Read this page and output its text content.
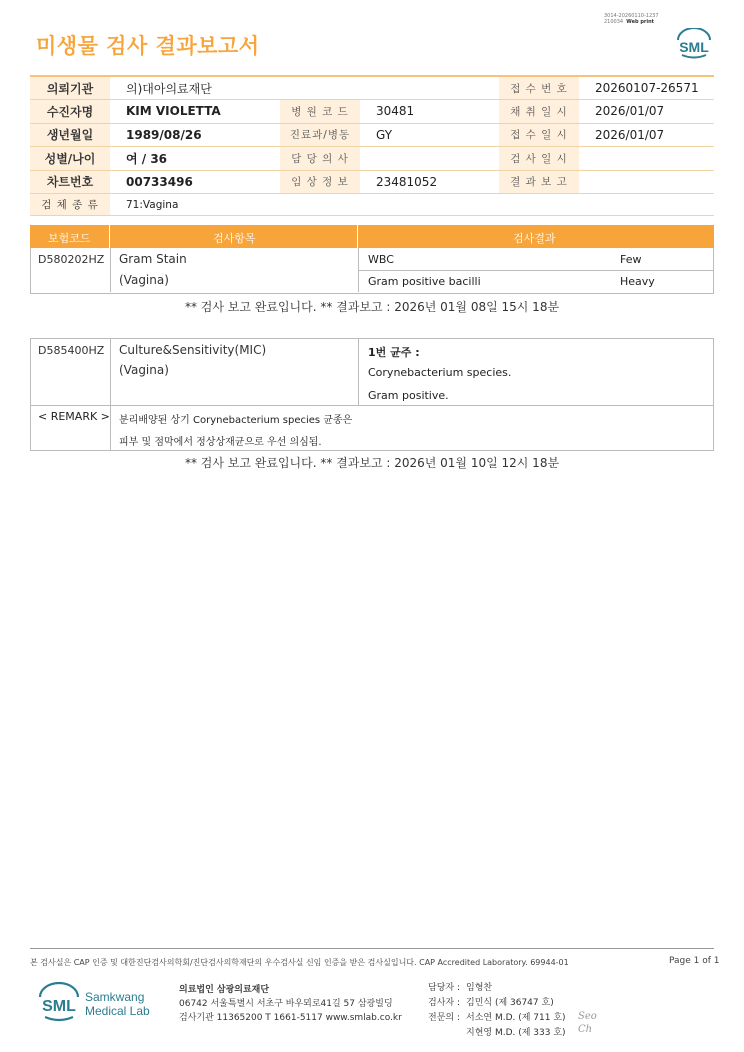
미생물 검사 결과보고서
3014-20260110-1237
210034 Web print
SML
의뢰기관	의)대아의료재단			접 수 번 호	20260107-26571
수진자명	KIM VIOLETTA	병 원 코 드	30481	채 취 일 시	2026/01/07
생년월일	1989/08/26	진료과/병동	GY	접 수 일 시	2026/01/07
성별/나이	여 / 36	담 당 의 사		검 사 일 시	
차트번호	00733496	임 상 정 보	23481052	결 과 보 고	
검 체 종 류	71:Vagina				
보험코드	검사항목	검사결과
D580202HZ Gram Stain
(Vagina)
WBC	Few
Gram positive bacilli	Heavy
** 검사 보고 완료입니다. ** 결과보고 : 2026년 01월 08일 15시 18분
D585400HZ Culture&Sensitivity(MIC)
(Vagina)
1번 균주 :
Corynebacterium species.
Gram positive.
< REMARK > 분리배양된 상기 Corynebacterium species 균종은
피부 및 점막에서 정상상재균으로 우선 의심됨.
** 검사 보고 완료입니다. ** 결과보고 : 2026년 01월 10일 12시 18분
본 검사실은 CAP 인증 및 대한진단검사의학회/진단검사의학재단의 우수검사실 신임 인증을 받은 검사실입니다. CAP Accredited Laboratory. 69944-01	Page 1 of 1
SML
Samkwang
Medical Lab
의료법인 삼광의료재단
06742 서울특별시 서초구 바우뫼로41길 57 삼광빌딩
검사기관 11365200 T 1661-5117 www.smlab.co.kr
담당자 : 임형찬
검사자 : 김민식 (제 36747 호)
전문의 : 서소연 M.D. (제 711 호)
지현영 M.D. (제 333 호)
Seo
Ch
